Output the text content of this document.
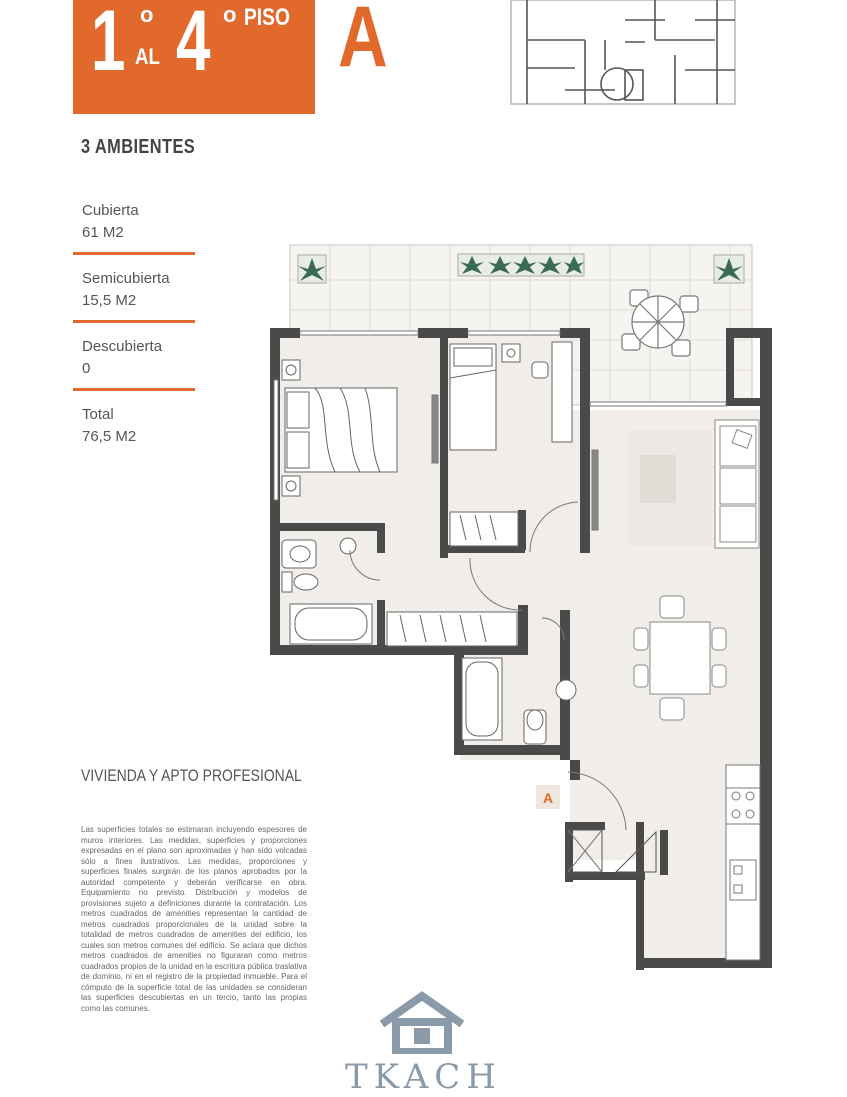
1 o
AL 4 o PISO A
3 AMBIENTES
Cubierta
61 M2
Semicubierta
15,5 M2
Descubierta
0
Total
76,5 M2
A
VIVIENDA Y APTO PROFESIONAL
Las superficies totales se estimaran incluyendo espesores de muros interiores. Las medidas, superficies y proporciones expresadas en el plano son aproximadas y han sido volcadas sólo a fines ilustrativos. Las medidas, proporciones y superficies finales surgirán de los planos aprobados por la autoridad competente y deberán verificarse en obra. Equipamiento no previsto. Distribución y modelos de provisiones sujeto a definiciones durante la contratación. Los metros cuadrados de amenities representan la cantidad de metros cuadrados proporcionales de la unidad sobre la totalidad de metros cuadrados de amenities del edificio, los cuales son metros comunes del edificio. Se aclara que dichos metros cuadrados de amenities no figuraran como metros cuadrados propios de la unidad en la escritura pública traslativa de dominio, ni en el registro de la propiedad inmueble. Para el cómputo de la superficie total de las unidades se consideran las superficies descubiertas en un tercio, tanto las propias como las comunes.
TKACH
